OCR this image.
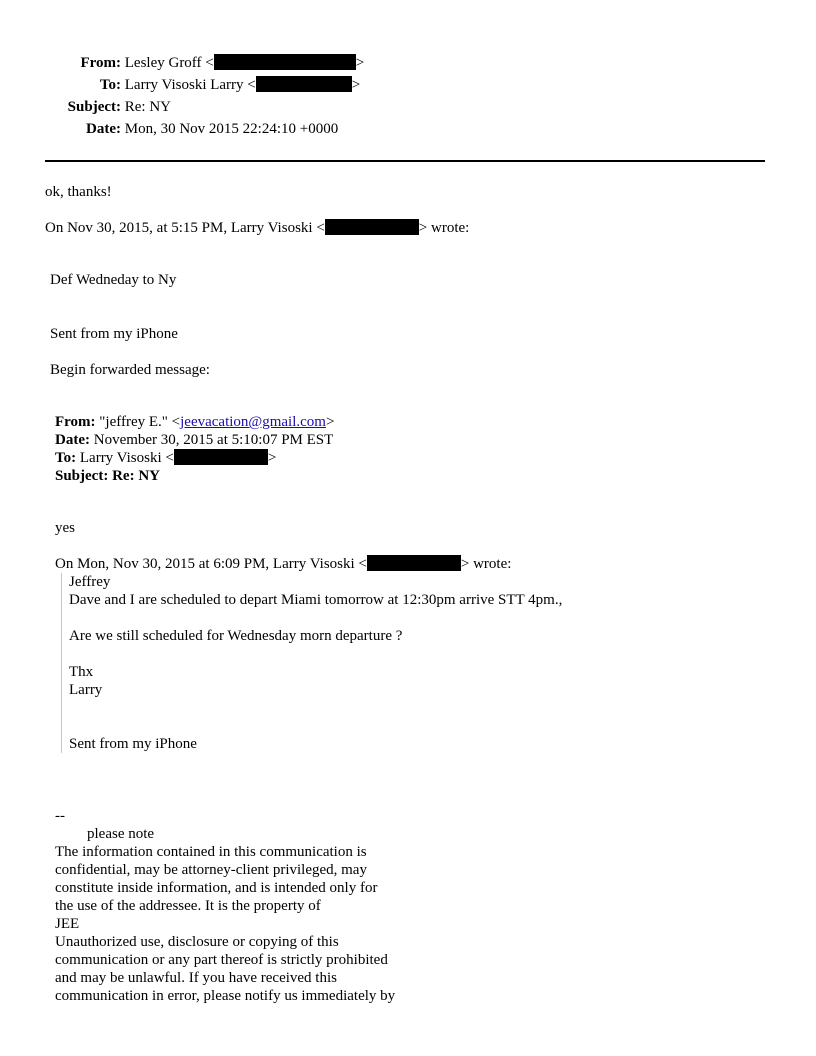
From: Lesley Groff <	>
To: Larry Visoski Larry <	>
Subject: Re: NY
Date: Mon, 30 Nov 2015 22:24:10 +0000
ok, thanks!
On Nov 30, 2015, at 5:15 PM, Larry Visoski <	> wrote:
Def Wedneday to Ny
Sent from my iPhone
Begin forwarded message:
From: "jeffrey E." <jeevacation@gmail.com>
Date: November 30, 2015 at 5:10:07 PM EST
To: Larry Visoski <	>
Subject: Re: NY
yes
On Mon, Nov 30, 2015 at 6:09 PM, Larry Visoski <	> wrote:
Jeffrey
Dave and I are scheduled to depart Miami tomorrow at 12:30pm arrive STT 4pm.,
Are we still scheduled for Wednesday morn departure ?
Thx
Larry
Sent from my iPhone
--
please note
The information contained in this communication is
confidential, may be attorney-client privileged, may
constitute inside information, and is intended only for
the use of the addressee. It is the property of
JEE
Unauthorized use, disclosure or copying of this
communication or any part thereof is strictly prohibited
and may be unlawful. If you have received this
communication in error, please notify us immediately by
